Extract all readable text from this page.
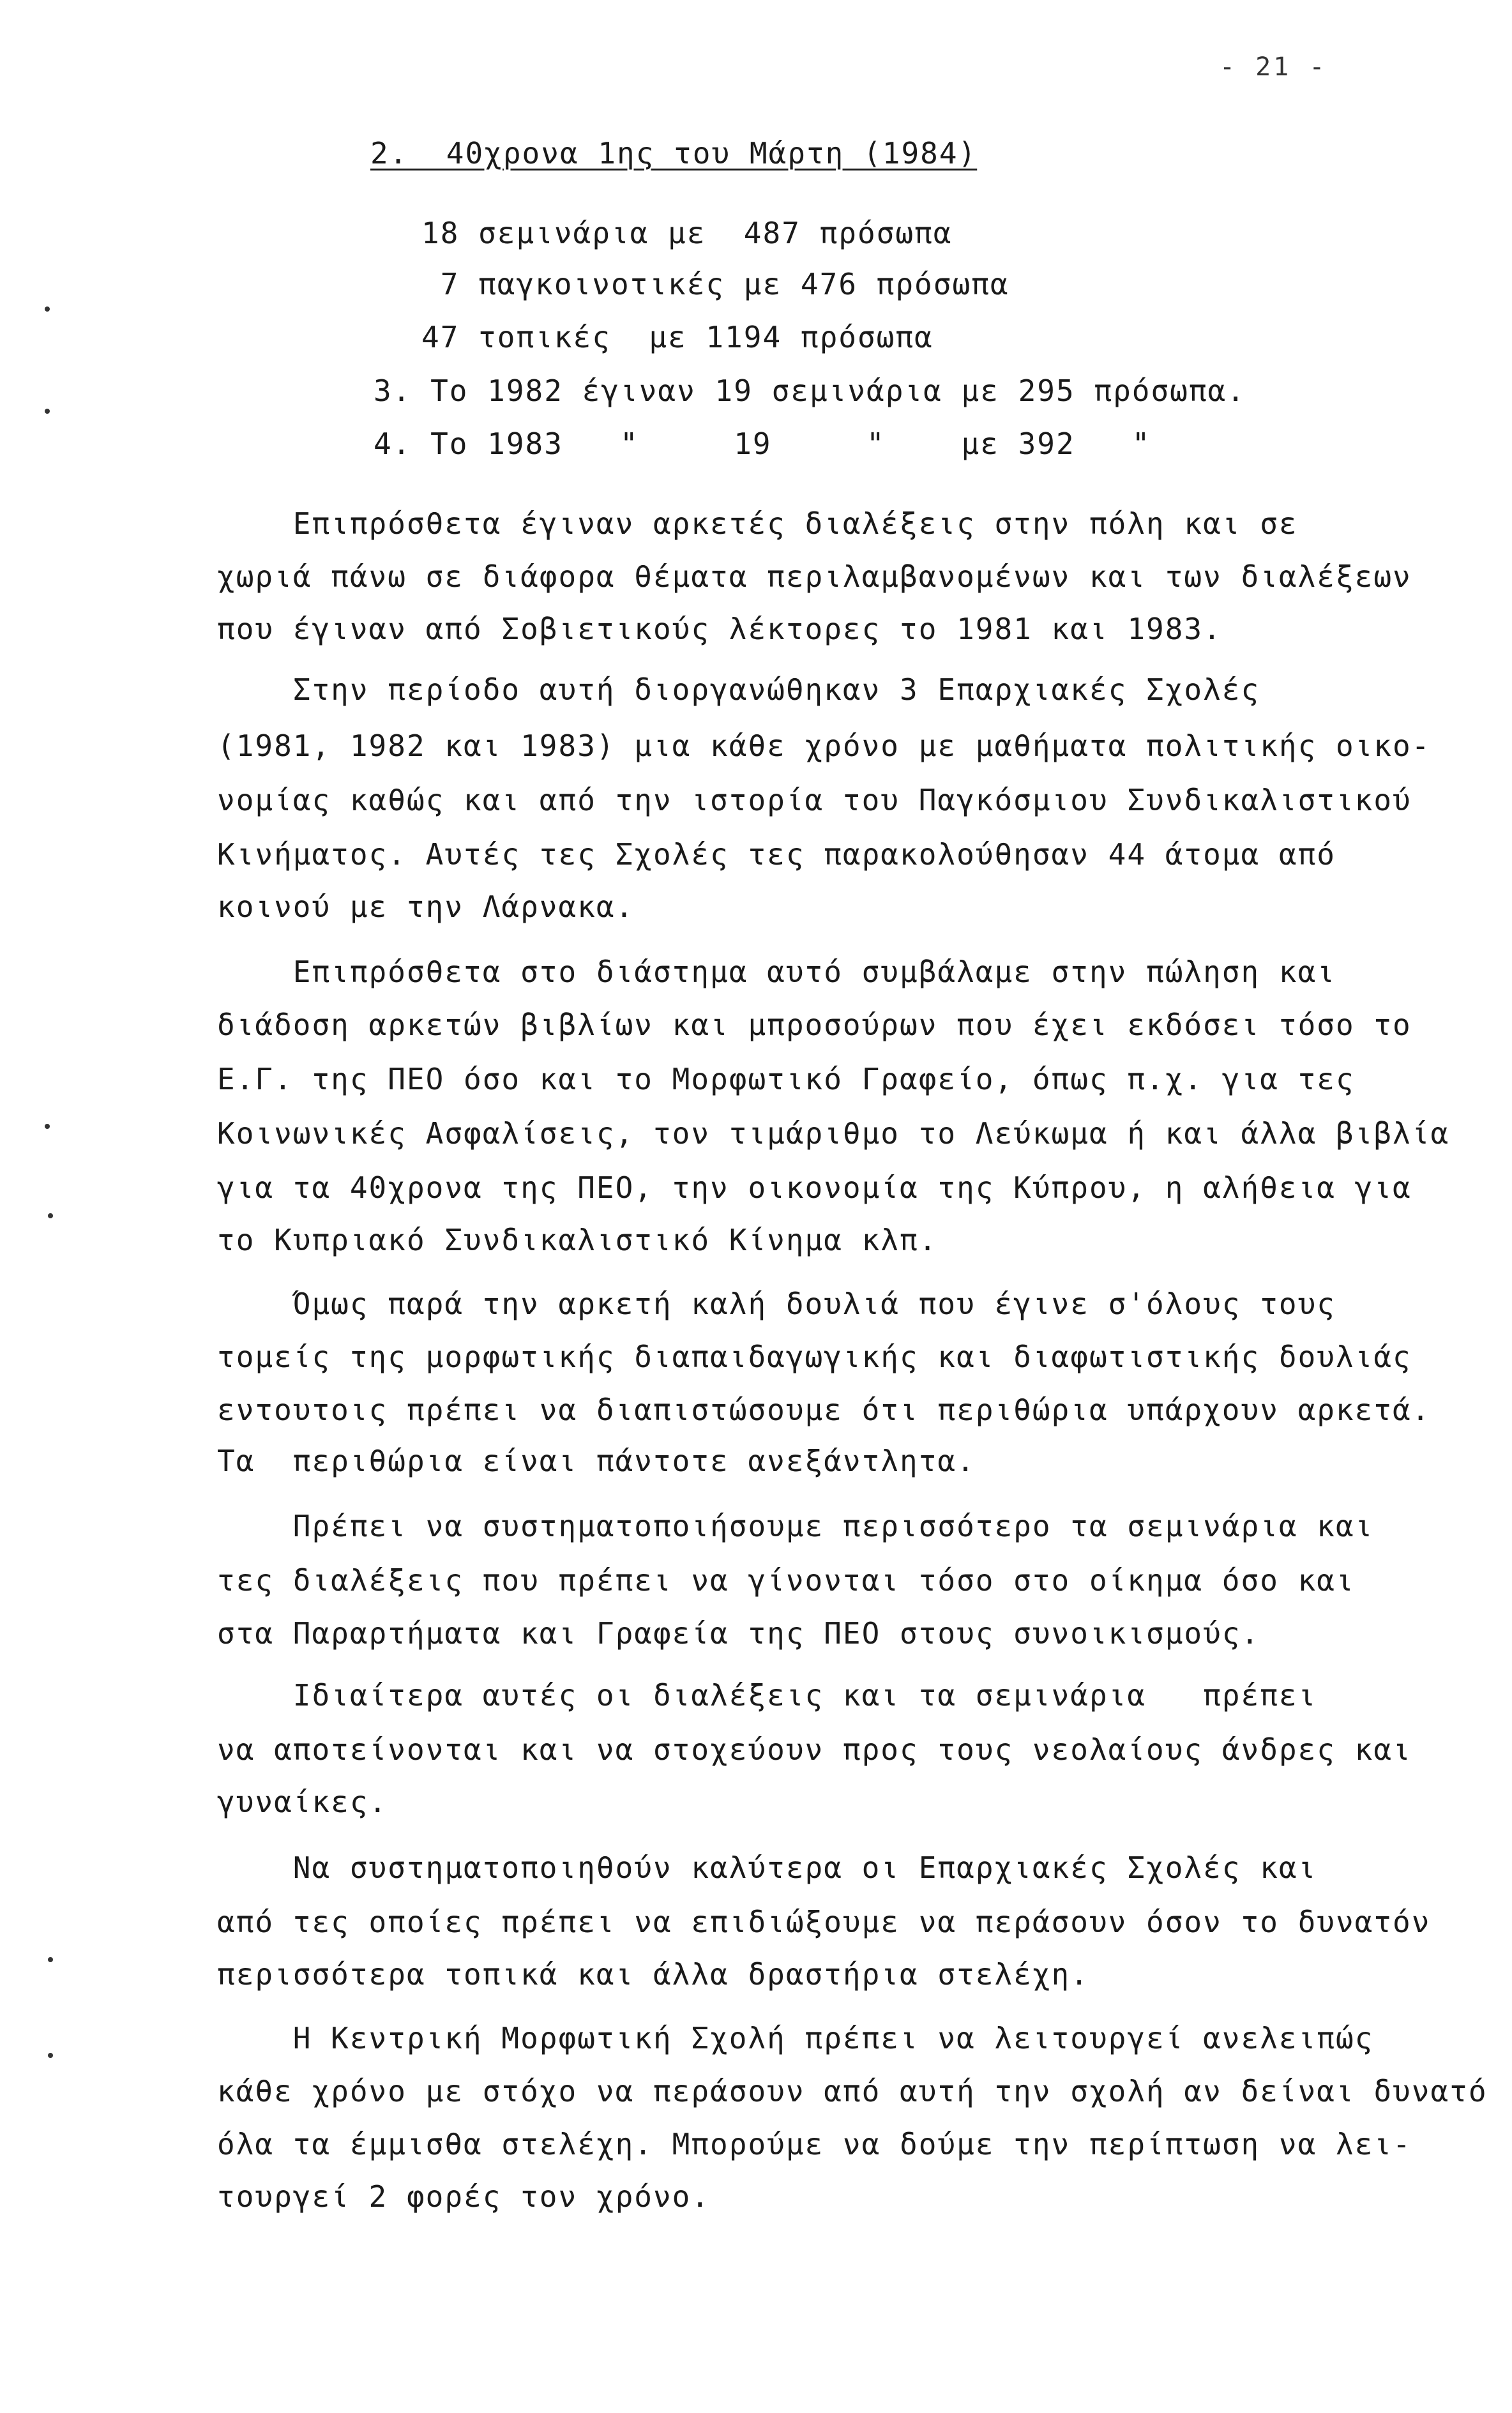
- 21 -
2.  40χρονα 1ης του Μάρτη (1984)
18 σεμινάρια με  487 πρόσωπα
7 παγκοινοτικές με 476 πρόσωπα
47 τοπικές  με 1194 πρόσωπα
3. Το 1982 έγιναν 19 σεμινάρια με 295 πρόσωπα.
4. Το 1983   "     19     "    με 392   "
Επιπρόσθετα έγιναν αρκετές διαλέξεις στην πόλη και σε
χωριά πάνω σε διάφορα θέματα περιλαμβανομένων και των διαλέξεων
που έγιναν από Σοβιετικούς λέκτορες το 1981 και 1983.
Στην περίοδο αυτή διοργανώθηκαν 3 Επαρχιακές Σχολές
(1981, 1982 και 1983) μια κάθε χρόνο με μαθήματα πολιτικής οικο-
νομίας καθώς και από την ιστορία του Παγκόσμιου Συνδικαλιστικού
Κινήματος. Αυτές τες Σχολές τες παρακολούθησαν 44 άτομα από
κοινού με την Λάρνακα.
Επιπρόσθετα στο διάστημα αυτό συμβάλαμε στην πώληση και
διάδοση αρκετών βιβλίων και μπροσούρων που έχει εκδόσει τόσο το
Ε.Γ. της ΠΕΟ όσο και το Μορφωτικό Γραφείο, όπως π.χ. για τες
Κοινωνικές Ασφαλίσεις, τον τιμάριθμο το Λεύκωμα ή και άλλα βιβλία
για τα 40χρονα της ΠΕΟ, την οικονομία της Κύπρου, η αλήθεια για
το Κυπριακό Συνδικαλιστικό Κίνημα κλπ.
Όμως παρά την αρκετή καλή δουλιά που έγινε σ'όλους τους
τομείς της μορφωτικής διαπαιδαγωγικής και διαφωτιστικής δουλιάς
εντουτοις πρέπει να διαπιστώσουμε ότι περιθώρια υπάρχουν αρκετά.
Τα  περιθώρια είναι πάντοτε ανεξάντλητα.
Πρέπει να συστηματοποιήσουμε περισσότερο τα σεμινάρια και
τες διαλέξεις που πρέπει να γίνονται τόσο στο οίκημα όσο και
στα Παραρτήματα και Γραφεία της ΠΕΟ στους συνοικισμούς.
Ιδιαίτερα αυτές οι διαλέξεις και τα σεμινάρια   πρέπει
να αποτείνονται και να στοχεύουν προς τους νεολαίους άνδρες και
γυναίκες.
Να συστηματοποιηθούν καλύτερα οι Επαρχιακές Σχολές και
από τες οποίες πρέπει να επιδιώξουμε να περάσουν όσον το δυνατόν
περισσότερα τοπικά και άλλα δραστήρια στελέχη.
Η Κεντρική Μορφωτική Σχολή πρέπει να λειτουργεί ανελειπώς
κάθε χρόνο με στόχο να περάσουν από αυτή την σχολή αν δείναι δυνατό
όλα τα έμμισθα στελέχη. Μπορούμε να δούμε την περίπτωση να λει-
τουργεί 2 φορές τον χρόνο.
